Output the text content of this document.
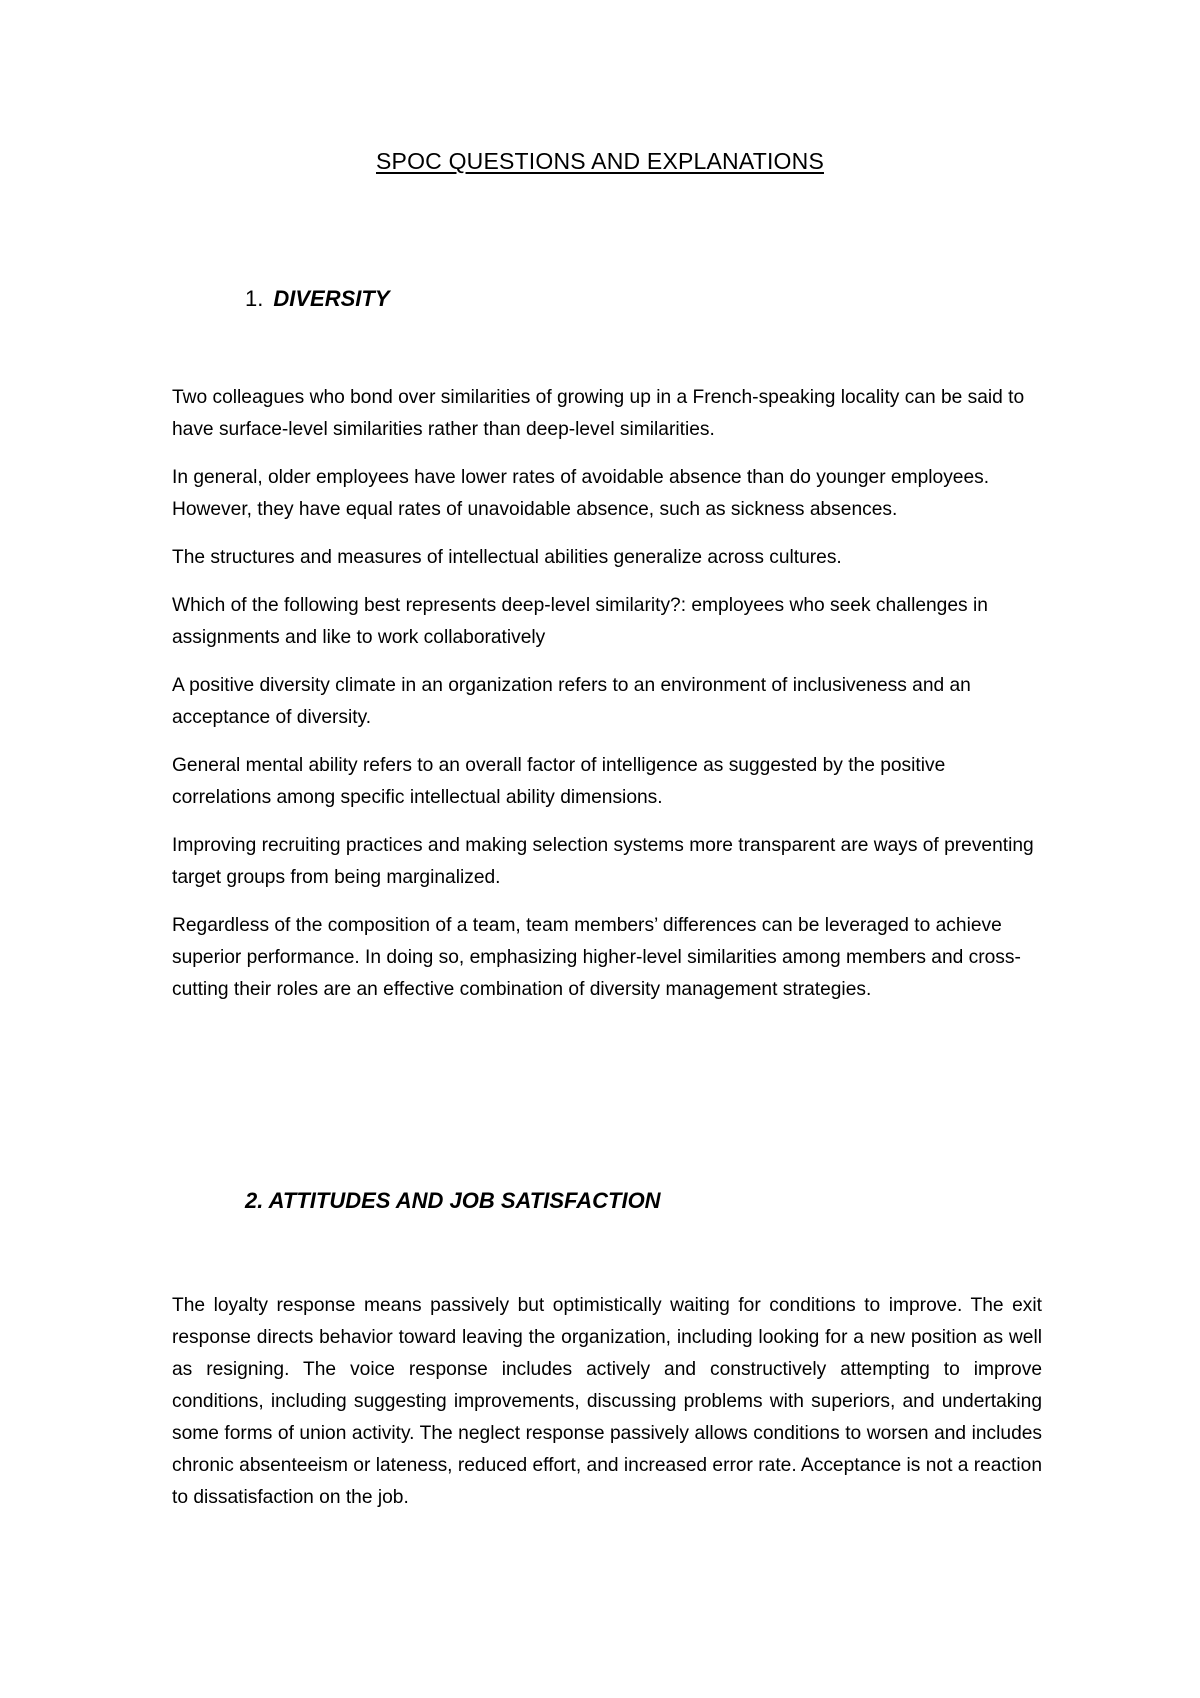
SPOC QUESTIONS AND EXPLANATIONS
1. DIVERSITY

Two colleagues who bond over similarities of growing up in a French-speaking locality can be said to have surface-level similarities rather than deep-level similarities.

In general, older employees have lower rates of avoidable absence than do younger employees. However, they have equal rates of unavoidable absence, such as sickness absences.

The structures and measures of intellectual abilities generalize across cultures.

Which of the following best represents deep-level similarity?: employees who seek challenges in assignments and like to work collaboratively

A positive diversity climate in an organization refers to an environment of inclusiveness and an acceptance of diversity.

General mental ability refers to an overall factor of intelligence as suggested by the positive correlations among specific intellectual ability dimensions.

Improving recruiting practices and making selection systems more transparent are ways of preventing target groups from being marginalized.

Regardless of the composition of a team, team members’ differences can be leveraged to achieve superior performance. In doing so, emphasizing higher-level similarities among members and cross-cutting their roles are an effective combination of diversity management strategies.

2. ATTITUDES AND JOB SATISFACTION

The loyalty response means passively but optimistically waiting for conditions to improve. The exit response directs behavior toward leaving the organization, including looking for a new position as well as resigning. The voice response includes actively and constructively attempting to improve conditions, including suggesting improvements, discussing problems with superiors, and undertaking some forms of union activity. The neglect response passively allows conditions to worsen and includes chronic absenteeism or lateness, reduced effort, and increased error rate. Acceptance is not a reaction to dissatisfaction on the job.
